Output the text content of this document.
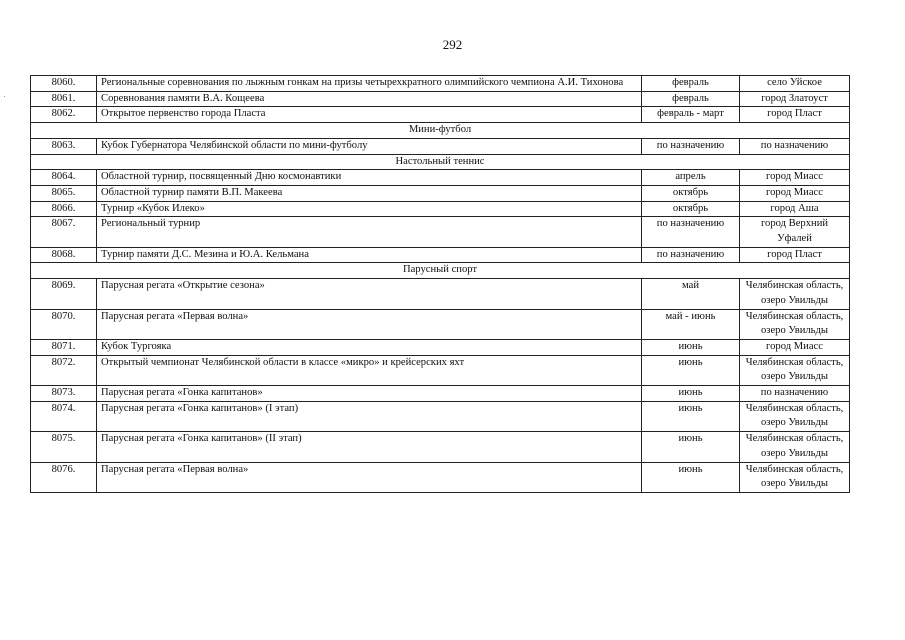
292
8060.	Региональные соревнования по лыжным гонкам на призы четырехкратного олимпийского чемпиона А.И. Тихонова	февраль	село Уйское
8061.	Соревнования памяти В.А. Кощеева	февраль	город Златоуст
8062.	Открытое первенство города Пласта	февраль - март	город Пласт
Мини-футбол			
8063.	Кубок Губернатора Челябинской области по мини-футболу	по назначению	по назначению
Настольный теннис			
8064.	Областной турнир, посвященный Дню космонавтики	апрель	город Миасс
8065.	Областной турнир памяти В.П. Макеева	октябрь	город Миасс
8066.	Турнир «Кубок Илеко»	октябрь	город Аша
8067.	Региональный турнир	по назначению	город Верхний Уфалей
8068.	Турнир памяти Д.С. Мезина и Ю.А. Кельмана	по назначению	город Пласт
Парусный спорт			
8069.	Парусная регата «Открытие сезона»	май	Челябинская область, озеро Увильды
8070.	Парусная регата «Первая волна»	май - июнь	Челябинская область, озеро Увильды
8071.	Кубок Тургояка	июнь	город Миасс
8072.	Открытый чемпионат Челябинской области в классе «микро» и крейсерских яхт	июнь	Челябинская область, озеро Увильды
8073.	Парусная регата «Гонка капитанов»	июнь	по назначению
8074.	Парусная регата «Гонка капитанов» (I этап)	июнь	Челябинская область, озеро Увильды
8075.	Парусная регата «Гонка капитанов» (II этап)	июнь	Челябинская область, озеро Увильды
8076.	Парусная регата «Первая волна»	июнь	Челябинская область, озеро Увильды
